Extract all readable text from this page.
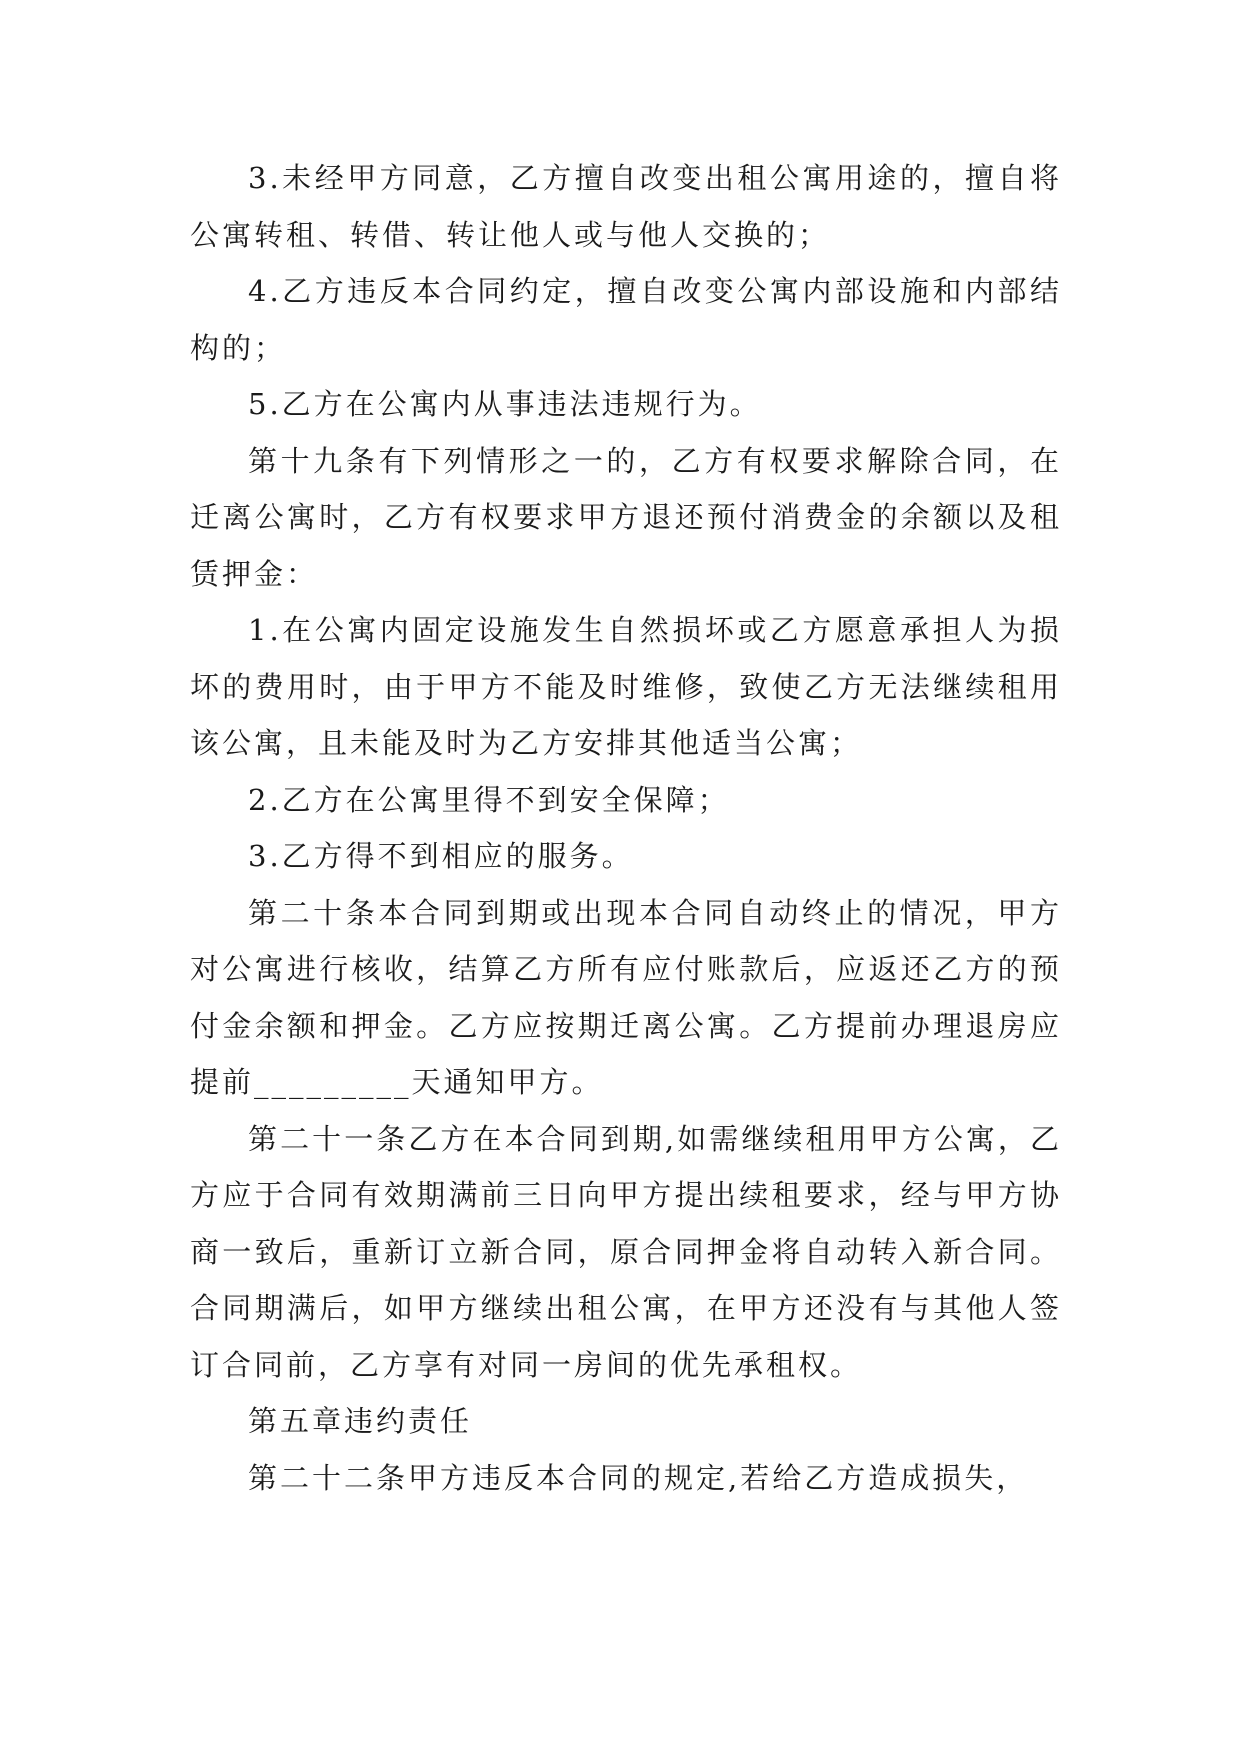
3.未经甲方同意，乙方擅自改变出租公寓用途的，擅自将公寓转租、转借、转让他人或与他人交换的；

4.乙方违反本合同约定，擅自改变公寓内部设施和内部结构的；

5.乙方在公寓内从事违法违规行为。

第十九条有下列情形之一的，乙方有权要求解除合同，在迁离公寓时，乙方有权要求甲方退还预付消费金的余额以及租赁押金：

1.在公寓内固定设施发生自然损坏或乙方愿意承担人为损坏的费用时，由于甲方不能及时维修，致使乙方无法继续租用该公寓，且未能及时为乙方安排其他适当公寓；

2.乙方在公寓里得不到安全保障；

3.乙方得不到相应的服务。

第二十条本合同到期或出现本合同自动终止的情况，甲方对公寓进行核收，结算乙方所有应付账款后，应返还乙方的预付金余额和押金。乙方应按期迁离公寓。乙方提前办理退房应提前_________天通知甲方。

第二十一条乙方在本合同到期,如需继续租用甲方公寓，乙方应于合同有效期满前三日向甲方提出续租要求，经与甲方协商一致后，重新订立新合同，原合同押金将自动转入新合同。合同期满后，如甲方继续出租公寓，在甲方还没有与其他人签订合同前，乙方享有对同一房间的优先承租权。

第五章违约责任

第二十二条甲方违反本合同的规定,若给乙方造成损失，
